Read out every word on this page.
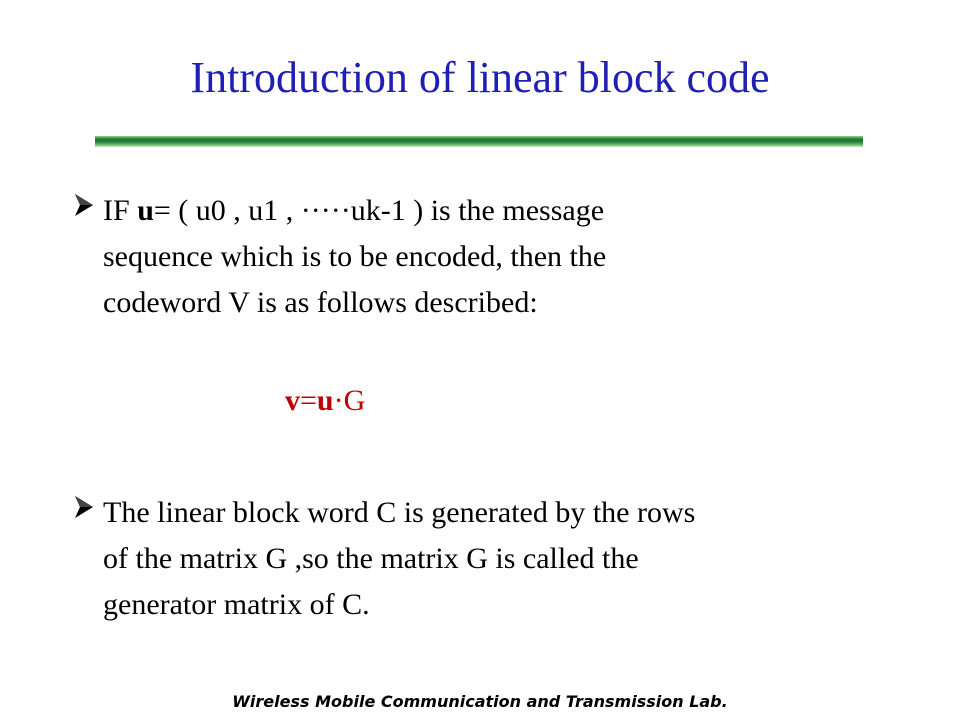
Introduction of linear block code
IF u= ( u0 , u1 , ·····uk-1 ) is the message
sequence which is to be encoded, then the
codeword V is as follows described:
v=u·G
The linear block word C is generated by the rows
of the matrix G ,so the matrix G is called the
generator matrix of C.
Wireless Mobile Communication and Transmission Lab.
